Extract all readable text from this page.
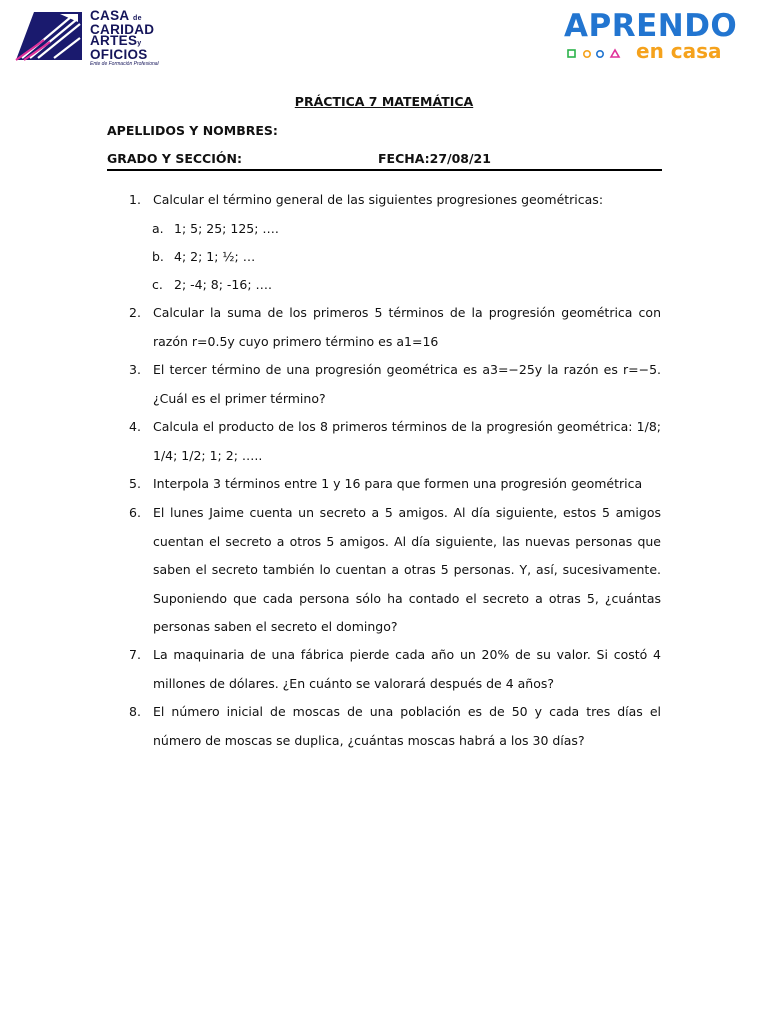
CASA de
CARIDAD
ARTESy
OFICIOS
Ente de Formación Profesional
APRENDO
en casa
PRÁCTICA 7 MATEMÁTICA
APELLIDOS Y NOMBRES:
GRADO Y SECCIÓN:	FECHA:27/08/21
1. Calcular el término general de las siguientes progresiones geométricas:
a. 1; 5; 25; 125; ….
b. 4; 2; 1; ½; …
c. 2; -4; 8; -16; ….
2. Calcular la suma de los primeros 5 términos de la progresión geométrica con razón r=0.5y cuyo primero término es a1=16
3. El tercer término de una progresión geométrica es a3=−25y la razón es r=−5. ¿Cuál es el primer término?
4. Calcula el producto de los 8 primeros términos de la progresión geométrica: 1/8; 1/4; 1/2; 1; 2; …..
5. Interpola 3 términos entre 1 y 16 para que formen una progresión geométrica
6. El lunes Jaime cuenta un secreto a 5 amigos. Al día siguiente, estos 5 amigos cuentan el secreto a otros 5 amigos. Al día siguiente, las nuevas personas que saben el secreto también lo cuentan a otras 5 personas. Y, así, sucesivamente. Suponiendo que cada persona sólo ha contado el secreto a otras 5, ¿cuántas personas saben el secreto el domingo?
7. La maquinaria de una fábrica pierde cada año un 20% de su valor. Si costó 4 millones de dólares. ¿En cuánto se valorará después de 4 años?
8. El número inicial de moscas de una población es de 50 y cada tres días el número de moscas se duplica, ¿cuántas moscas habrá a los 30 días?
